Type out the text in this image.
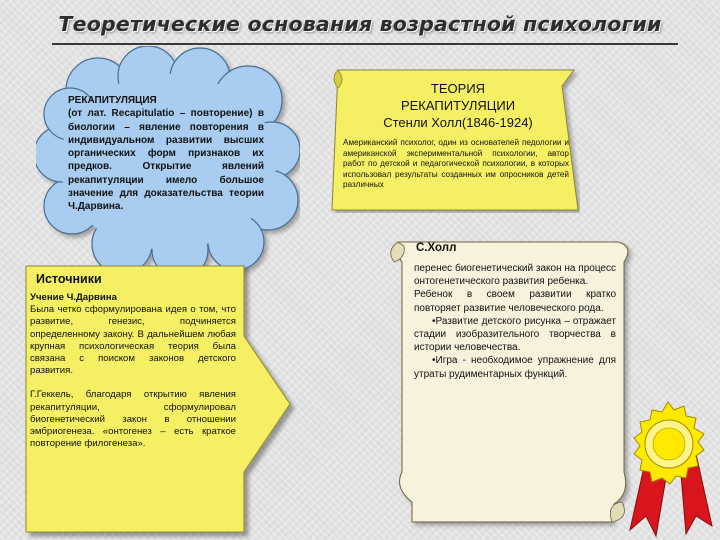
Теоретические основания возрастной психологии
РЕКАПИТУЛЯЦИЯ
(от лат. Recapitulatio – повторение) в биологии – явление повторения в индивидуальном развитии высших органических форм признаков их предков. Открытие явлений рекапитуляции имело большое значение для доказательства теории Ч.Дарвина.
Источники

Учение Ч.Дарвина
Была четко сформулирована идея о том, что развитие, генезис, подчиняется определенному закону. В дальнейшем любая крупная психологическая теория была связана с поиском законов детского развития.

Г.Геккель, благодаря открытию явления рекапитуляции, сформулировал биогенетический закон в отношении эмбриогенеза. «онтогенез – есть краткое повторение филогенеза».

ТЕОРИЯ
РЕКАПИТУЛЯЦИИ
Стенли Холл(1846-1924)
Американский психолог, один из основателей педологии и американской экспериментальной психологии, автор работ по детской и педагогической психологии, в которых использовал результаты созданных им опросников детей различных
С.Холл
перенес биогенетический закон на процесс онтогенетического развития ребенка.
Ребенок в своем развитии кратко повторяет развитие человеческого рода.
•Развитие детского рисунка – отражает стадии изобразительного творчества в истории человечества.
•Игра - необходимое упражнение для утраты рудиментарных функций.
